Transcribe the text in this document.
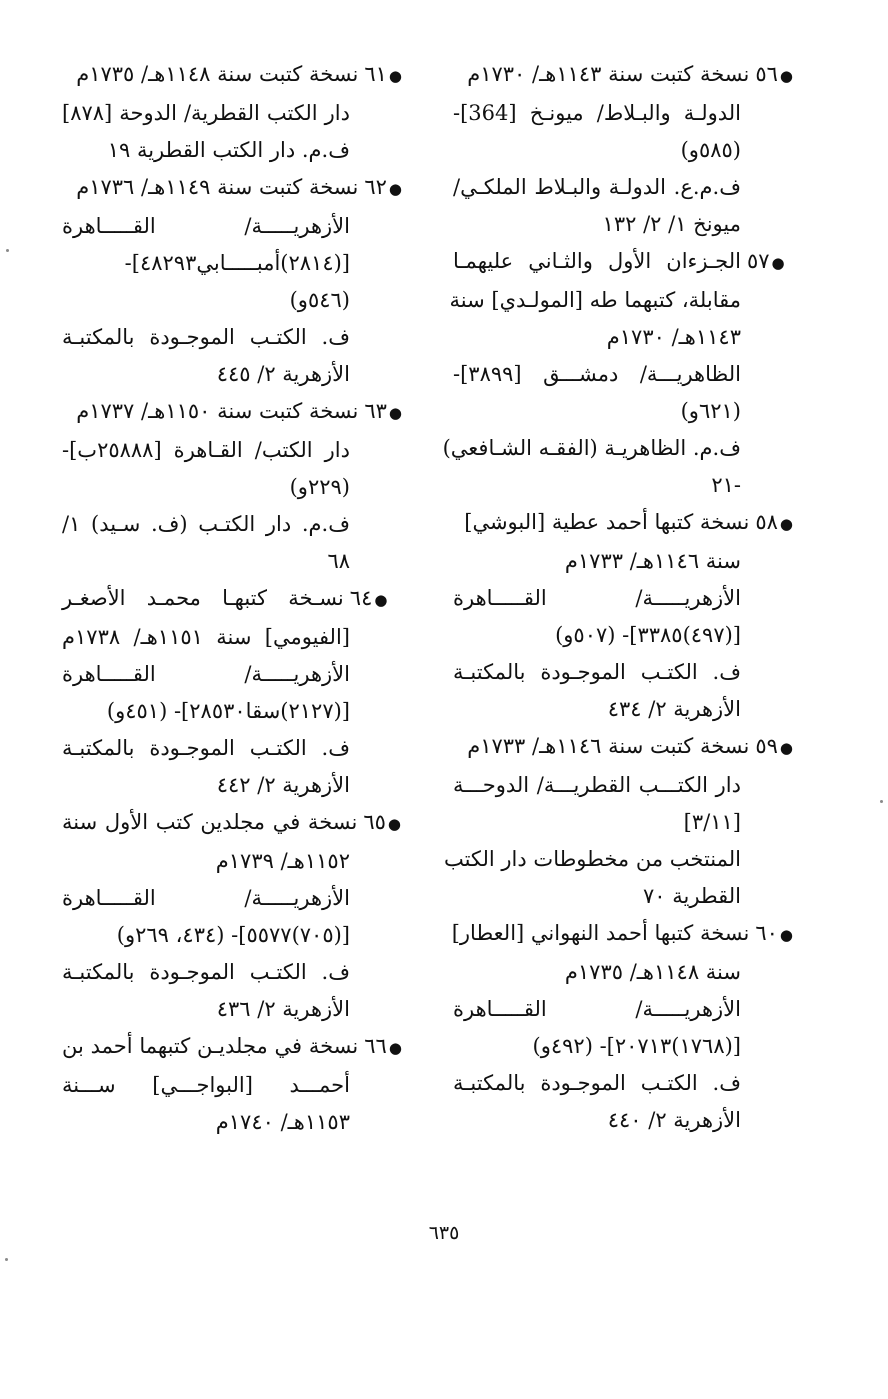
●٥٦نسخة كتبت سنة ١١٤٣هـ/ ١٧٣٠م
الدولـة والبـلاط/ ميونـخ [364]-
(٥٨٥و)
ف.م.ع. الدولـة والبـلاط الملكـي/
ميونخ ١/ ٢/ ١٣٢
●٥٧الجـزءان الأول والثـاني عليهمـا
مقابلة، كتبهما طه [المولـدي] سنة
١١٤٣هـ/ ١٧٣٠م
الظاهريـــة/ دمشـــق [٣٨٩٩]-
(٦٢١و)
ف.م. الظاهريـة (الفقـه الشـافعي)
-٢١
●٥٨نسخة كتبها أحمد عطية [البوشي]
سنة ١١٤٦هـ/ ١٧٣٣م
الأزهريـــــة/ القـــــاهرة
[(٤٩٧)٣٣٨٥]- (٥٠٧و)
ف. الكتـب الموجـودة بالمكتبـة
الأزهرية ٢/ ٤٣٤
●٥٩نسخة كتبت سنة ١١٤٦هـ/ ١٧٣٣م
دار الكتـــب القطريـــة/ الدوحـــة
[٣/١١]
المنتخب من مخطوطات دار الكتب
القطرية ٧٠
●٦٠نسخة كتبها أحمد النهواني [العطار]
سنة ١١٤٨هـ/ ١٧٣٥م
الأزهريـــــة/ القـــــاهرة
[(١٧٦٨)٢٠٧١٣]- (٤٩٢و)
ف. الكتـب الموجـودة بالمكتبـة
الأزهرية ٢/ ٤٤٠
●٦١نسخة كتبت سنة ١١٤٨هـ/ ١٧٣٥م
دار الكتب القطرية/ الدوحة [٨٧٨]
ف.م. دار الكتب القطرية ١٩
●٦٢نسخة كتبت سنة ١١٤٩هـ/ ١٧٣٦م
الأزهريـــــة/ القـــــاهرة
[(٢٨١٤)أمبـــــابي٤٨٢٩٣]-
(٥٤٦و)
ف. الكتـب الموجـودة بالمكتبـة
الأزهرية ٢/ ٤٤٥
●٦٣نسخة كتبت سنة ١١٥٠هـ/ ١٧٣٧م
دار الكتب/ القـاهرة [٢٥٨٨٨ب]-
(٢٢٩و)
ف.م. دار الكتـب (ف. سـيد) ١/
٦٨
●٦٤نسـخة كتبهـا محمـد الأصغـر
[الفيومي] سنة ١١٥١هـ/ ١٧٣٨م
الأزهريـــــة/ القـــــاهرة
[(٢١٢٧)سقا٢٨٥٣٠]- (٤٥١و)
ف. الكتـب الموجـودة بالمكتبـة
الأزهرية ٢/ ٤٤٢
●٦٥نسخة في مجلدين كتب الأول سنة
١١٥٢هـ/ ١٧٣٩م
الأزهريـــــة/ القـــــاهرة
[(٧٠٥)٥٥٧٧]- (٤٣٤، ٢٦٩و)
ف. الكتـب الموجـودة بالمكتبـة
الأزهرية ٢/ ٤٣٦
●٦٦نسخة في مجلديـن كتبهما أحمد بن
أحمـــد [البواجـــي] ســـنة
١١٥٣هـ/ ١٧٤٠م
٦٣٥
